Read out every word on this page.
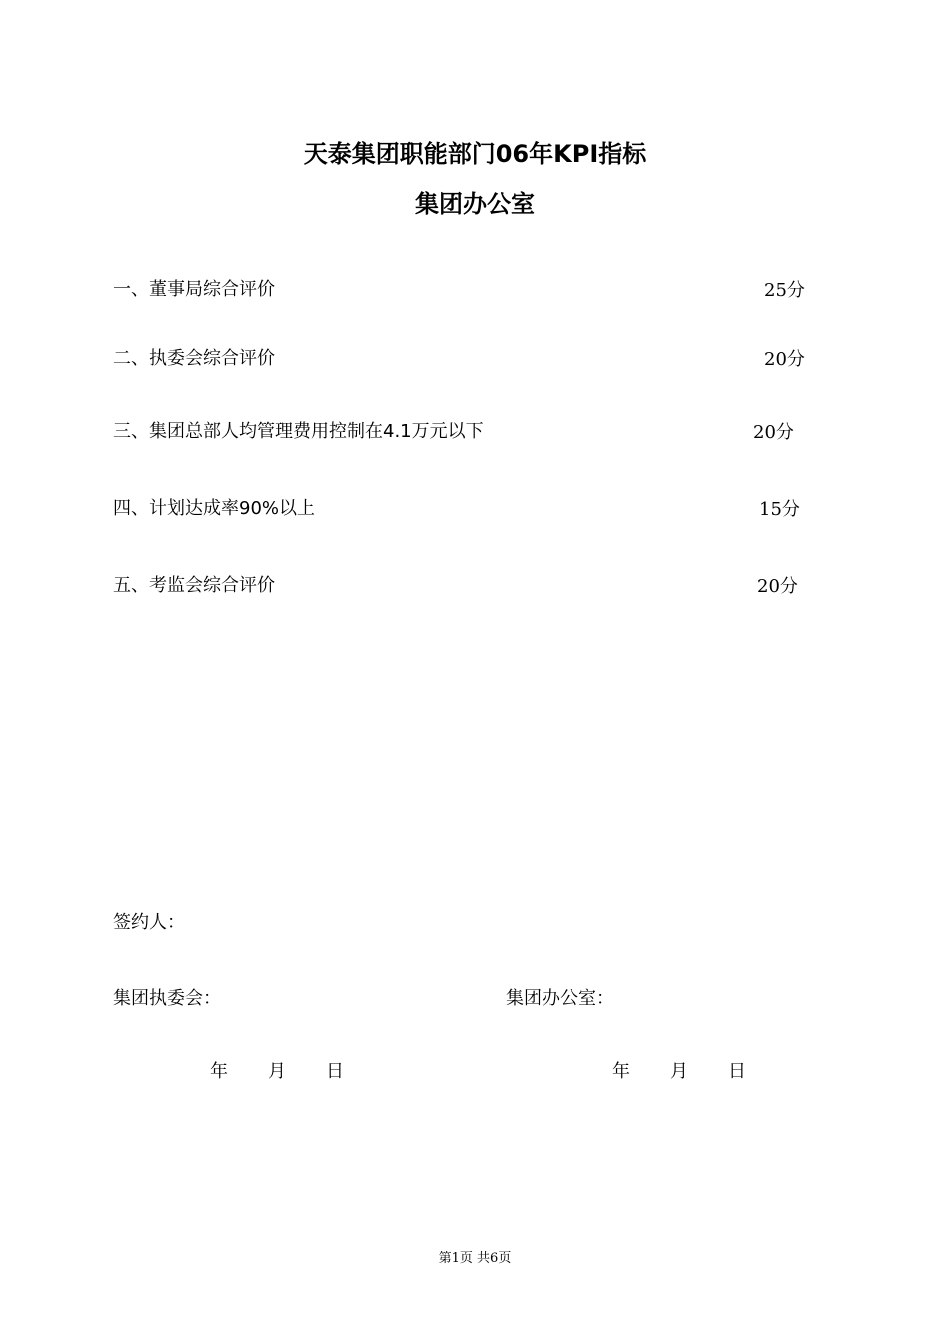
天泰集团职能部门06年KPI指标
集团办公室
一、董事局综合评价	25分
二、执委会综合评价	20分
三、集团总部人均管理费用控制在4.1万元以下	20分
四、计划达成率90%以上	15分
五、考监会综合评价	20分
签约人：
集团执委会：	集团办公室：
年 月 日	年 月 日
第1页 共6页
